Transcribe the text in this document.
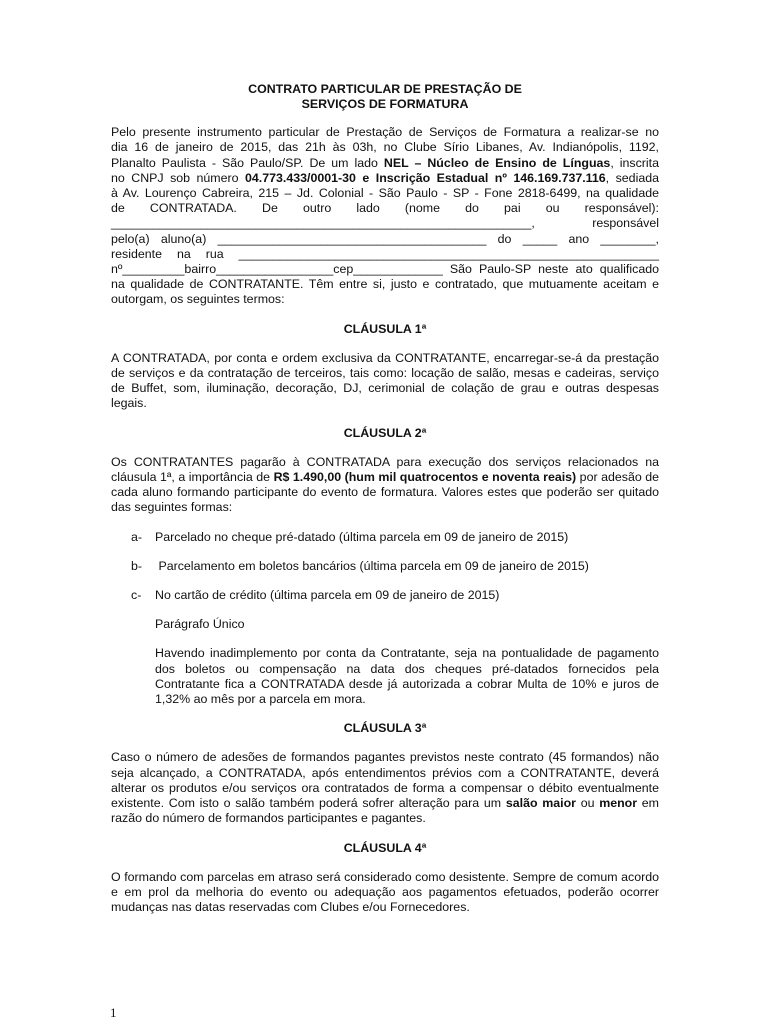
CONTRATO PARTICULAR DE PRESTAÇÃO DE
SERVIÇOS DE FORMATURA
Pelo presente instrumento particular de Prestação de Serviços de Formatura a realizar-se no
dia 16 de janeiro de 2015, das 21h às 03h, no Clube Sírio Libanes, Av. Indianópolis, 1192,
Planalto Paulista - São Paulo/SP. De um lado NEL – Núcleo de Ensino de Línguas, inscrita
no CNPJ sob número 04.773.433/0001-30 e Inscrição Estadual nº 146.169.737.116, sediada
à Av. Lourenço Cabreira, 215 – Jd. Colonial - São Paulo - SP - Fone 2818-6499, na qualidade
de CONTRATADA. De outro lado (nome do pai ou responsável):
_____________________________________________________________,	responsável
pelo(a) aluno(a) _______________________________________ do _____ ano ________,
residente na rua _____________________________________________________________
nº_________bairro_________________cep_____________ São Paulo-SP neste ato qualificado
na qualidade de CONTRATANTE. Têm entre si, justo e contratado, que mutuamente aceitam e
outorgam, os seguintes termos:
CLÁUSULA 1ª

A CONTRATADA, por conta e ordem exclusiva da CONTRATANTE, encarregar-se-á da prestação de serviços e da contratação de terceiros, tais como: locação de salão, mesas e cadeiras, serviço de Buffet, som, iluminação, decoração, DJ, cerimonial de colação de grau e outras despesas legais.

CLÁUSULA 2ª

Os CONTRATANTES pagarão à CONTRATADA para execução dos serviços relacionados na cláusula 1ª, a importância de R$ 1.490,00 (hum mil quatrocentos e noventa reais) por adesão de cada aluno formando participante do evento de formatura. Valores estes que poderão ser quitado das seguintes formas:

a-	Parcelado no cheque pré-datado (última parcela em 09 de janeiro de 2015)
b-	Parcelamento em boletos bancários (última parcela em 09 de janeiro de 2015)
c-	No cartão de crédito (última parcela em 09 de janeiro de 2015)
Parágrafo Único

Havendo inadimplemento por conta da Contratante, seja na pontualidade de pagamento dos boletos ou compensação na data dos cheques pré-datados fornecidos pela Contratante fica a CONTRATADA desde já autorizada a cobrar Multa de 10% e juros de 1,32% ao mês por a parcela em mora.

CLÁUSULA 3ª

Caso o número de adesões de formandos pagantes previstos neste contrato (45 formandos) não seja alcançado, a CONTRATADA, após entendimentos prévios com a CONTRATANTE, deverá alterar os produtos e/ou serviços ora contratados de forma a compensar o débito eventualmente existente. Com isto o salão também poderá sofrer alteração para um salão maior ou menor em razão do número de formandos participantes e pagantes.

CLÁUSULA 4ª

O formando com parcelas em atraso será considerado como desistente. Sempre de comum acordo e em prol da melhoria do evento ou adequação aos pagamentos efetuados, poderão ocorrer mudanças nas datas reservadas com Clubes e/ou Fornecedores.

1
